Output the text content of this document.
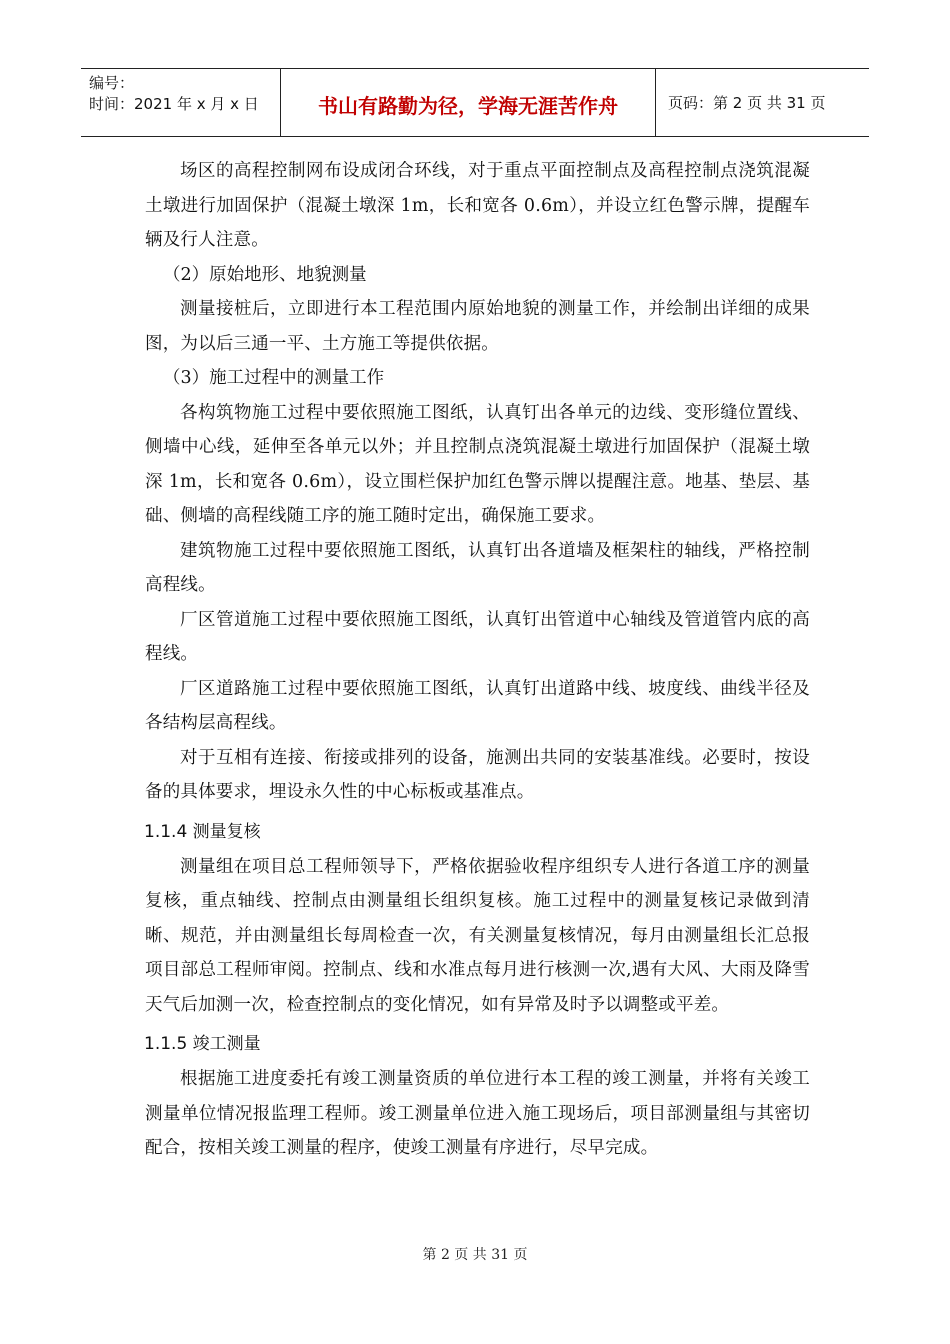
编号：
时间：2021 年 x 月 x 日	书山有路勤为径，学海无涯苦作舟	页码：第 2 页 共 31 页

场区的高程控制网布设成闭合环线，对于重点平面控制点及高程控制点浇筑混凝土墩进行加固保护（混凝土墩深 1m，长和宽各 0.6m），并设立红色警示牌，提醒车辆及行人注意。

（2）原始地形、地貌测量

测量接桩后，立即进行本工程范围内原始地貌的测量工作，并绘制出详细的成果图，为以后三通一平、土方施工等提供依据。

（3）施工过程中的测量工作

各构筑物施工过程中要依照施工图纸，认真钉出各单元的边线、变形缝位置线、侧墙中心线，延伸至各单元以外；并且控制点浇筑混凝土墩进行加固保护（混凝土墩深 1m，长和宽各 0.6m），设立围栏保护加红色警示牌以提醒注意。地基、垫层、基础、侧墙的高程线随工序的施工随时定出，确保施工要求。

建筑物施工过程中要依照施工图纸，认真钉出各道墙及框架柱的轴线，严格控制高程线。

厂区管道施工过程中要依照施工图纸，认真钉出管道中心轴线及管道管内底的高程线。

厂区道路施工过程中要依照施工图纸，认真钉出道路中线、坡度线、曲线半径及各结构层高程线。

对于互相有连接、衔接或排列的设备，施测出共同的安装基准线。必要时，按设备的具体要求，埋设永久性的中心标板或基准点。

1.1.4 测量复核

测量组在项目总工程师领导下，严格依据验收程序组织专人进行各道工序的测量复核，重点轴线、控制点由测量组长组织复核。施工过程中的测量复核记录做到清晰、规范，并由测量组长每周检查一次，有关测量复核情况，每月由测量组长汇总报项目部总工程师审阅。控制点、线和水准点每月进行核测一次,遇有大风、大雨及降雪天气后加测一次，检查控制点的变化情况，如有异常及时予以调整或平差。

1.1.5 竣工测量

根据施工进度委托有竣工测量资质的单位进行本工程的竣工测量，并将有关竣工测量单位情况报监理工程师。竣工测量单位进入施工现场后，项目部测量组与其密切配合，按相关竣工测量的程序，使竣工测量有序进行，尽早完成。

第 2 页 共 31 页
